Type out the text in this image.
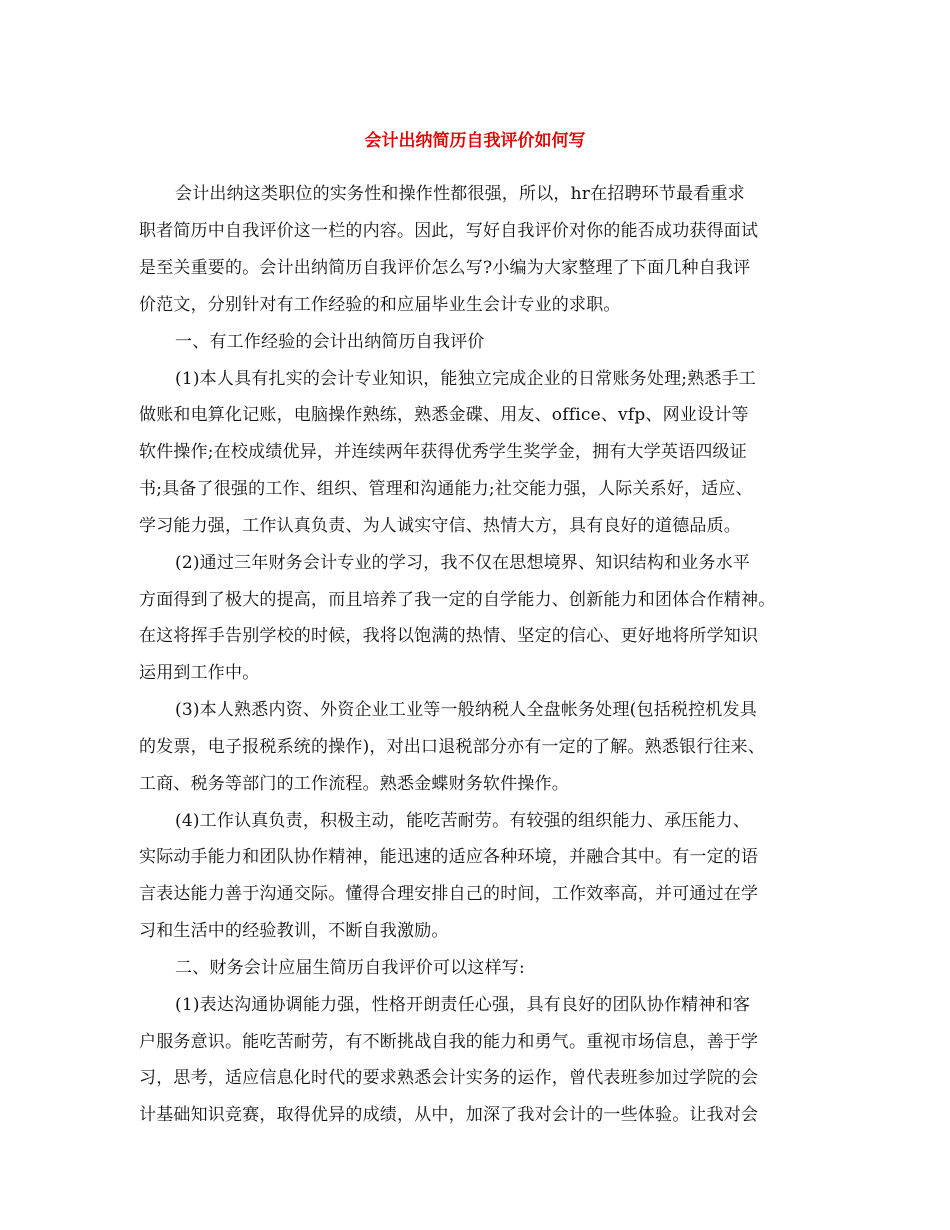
会计出纳简历自我评价如何写
会计出纳这类职位的实务性和操作性都很强，所以，hr在招聘环节最看重求
职者简历中自我评价这一栏的内容。因此，写好自我评价对你的能否成功获得面试
是至关重要的。会计出纳简历自我评价怎么写?小编为大家整理了下面几种自我评
价范文，分别针对有工作经验的和应届毕业生会计专业的求职。
一、有工作经验的会计出纳简历自我评价
(1)本人具有扎实的会计专业知识，能独立完成企业的日常账务处理;熟悉手工
做账和电算化记账，电脑操作熟练，熟悉金碟、用友、office、vfp、网业设计等
软件操作;在校成绩优异，并连续两年获得优秀学生奖学金，拥有大学英语四级证
书;具备了很强的工作、组织、管理和沟通能力;社交能力强，人际关系好，适应、
学习能力强，工作认真负责、为人诚实守信、热情大方，具有良好的道德品质。
(2)通过三年财务会计专业的学习，我不仅在思想境界、知识结构和业务水平
方面得到了极大的提高，而且培养了我一定的自学能力、创新能力和团体合作精神。
在这将挥手告别学校的时候，我将以饱满的热情、坚定的信心、更好地将所学知识
运用到工作中。
(3)本人熟悉内资、外资企业工业等一般纳税人全盘帐务处理(包括税控机发具
的发票，电子报税系统的操作)，对出口退税部分亦有一定的了解。熟悉银行往来、
工商、税务等部门的工作流程。熟悉金蝶财务软件操作。
(4)工作认真负责，积极主动，能吃苦耐劳。有较强的组织能力、承压能力、
实际动手能力和团队协作精神，能迅速的适应各种环境，并融合其中。有一定的语
言表达能力善于沟通交际。懂得合理安排自己的时间，工作效率高，并可通过在学
习和生活中的经验教训，不断自我激励。
二、财务会计应届生简历自我评价可以这样写:
(1)表达沟通协调能力强，性格开朗责任心强，具有良好的团队协作精神和客
户服务意识。能吃苦耐劳，有不断挑战自我的能力和勇气。重视市场信息，善于学
习，思考，适应信息化时代的要求熟悉会计实务的运作，曾代表班参加过学院的会
计基础知识竞赛，取得优异的成绩，从中，加深了我对会计的一些体验。让我对会
